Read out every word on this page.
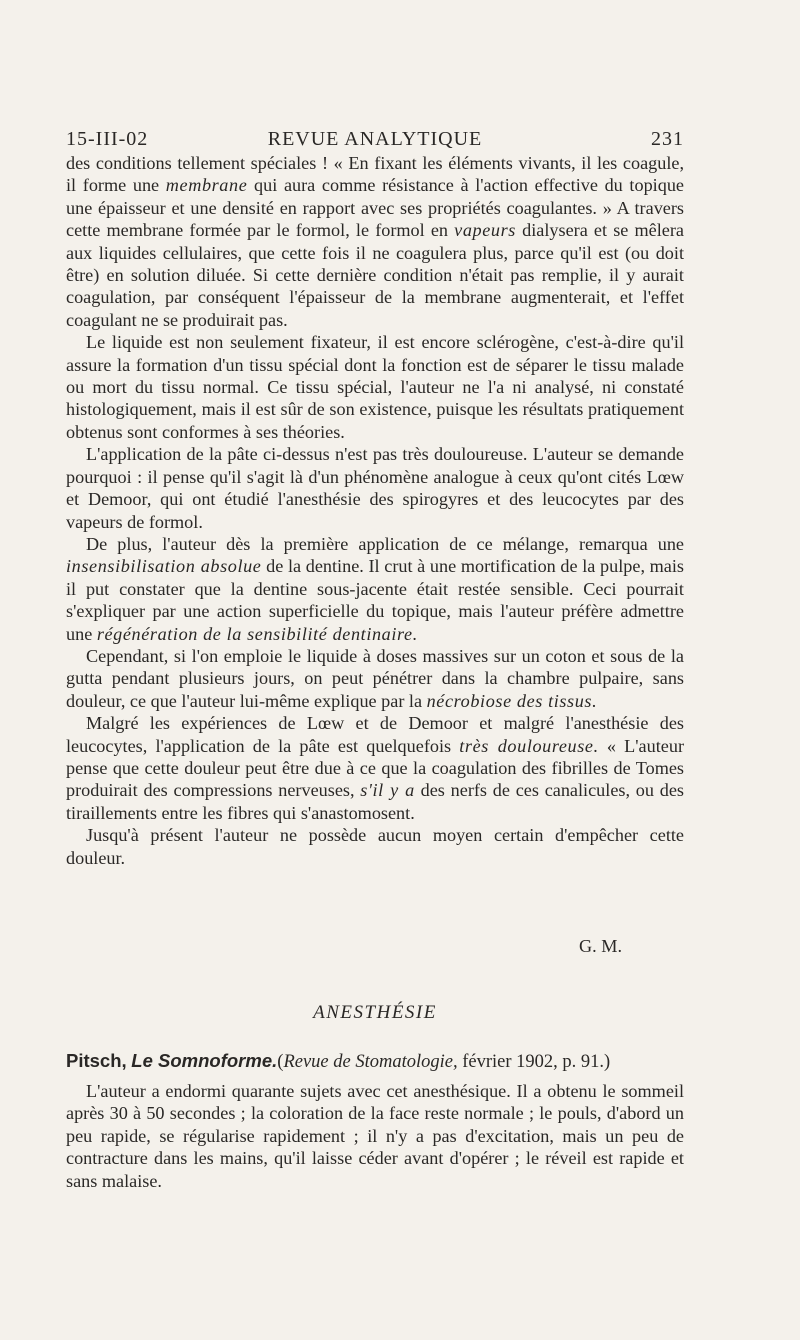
15-III-02	REVUE ANALYTIQUE	231

des conditions tellement spéciales ! « En fixant les éléments vivants, il les coagule, il forme une membrane qui aura comme résistance à l'action effective du topique une épaisseur et une densité en rapport avec ses propriétés coagulantes. » A travers cette membrane formée par le formol, le formol en vapeurs dialysera et se mêlera aux liquides cellulaires, que cette fois il ne coagulera plus, parce qu'il est (ou doit être) en solution diluée. Si cette dernière condition n'était pas remplie, il y aurait coagulation, par conséquent l'épaisseur de la membrane augmenterait, et l'effet coagulant ne se produirait pas.

Le liquide est non seulement fixateur, il est encore sclérogène, c'est-à-dire qu'il assure la formation d'un tissu spécial dont la fonction est de séparer le tissu malade ou mort du tissu normal. Ce tissu spécial, l'auteur ne l'a ni analysé, ni constaté histologiquement, mais il est sûr de son existence, puisque les résultats pratiquement obtenus sont conformes à ses théories.

L'application de la pâte ci-dessus n'est pas très douloureuse. L'auteur se demande pourquoi : il pense qu'il s'agit là d'un phénomène analogue à ceux qu'ont cités Lœw et Demoor, qui ont étudié l'anesthésie des spirogyres et des leucocytes par des vapeurs de formol.

De plus, l'auteur dès la première application de ce mélange, remarqua une insensibilisation absolue de la dentine. Il crut à une mortification de la pulpe, mais il put constater que la dentine sous-jacente était restée sensible. Ceci pourrait s'expliquer par une action superficielle du topique, mais l'auteur préfère admettre une régénération de la sensibilité dentinaire.

Cependant, si l'on emploie le liquide à doses massives sur un coton et sous de la gutta pendant plusieurs jours, on peut pénétrer dans la chambre pulpaire, sans douleur, ce que l'auteur lui-même explique par la nécrobiose des tissus.

Malgré les expériences de Lœw et de Demoor et malgré l'anesthésie des leucocytes, l'application de la pâte est quelquefois très douloureuse. « L'auteur pense que cette douleur peut être due à ce que la coagulation des fibrilles de Tomes produirait des compressions nerveuses, s'il y a des nerfs de ces canalicules, ou des tiraillements entre les fibres qui s'anastomosent.

Jusqu'à présent l'auteur ne possède aucun moyen certain d'empêcher cette douleur.

G. M.
ANESTHÉSIE
Pitsch, Le Somnoforme.(Revue de Stomatologie, février 1902, p. 91.)

L'auteur a endormi quarante sujets avec cet anesthésique. Il a obtenu le sommeil après 30 à 50 secondes ; la coloration de la face reste normale ; le pouls, d'abord un peu rapide, se régularise rapidement ; il n'y a pas d'excitation, mais un peu de contracture dans les mains, qu'il laisse céder avant d'opérer ; le réveil est rapide et sans malaise.
